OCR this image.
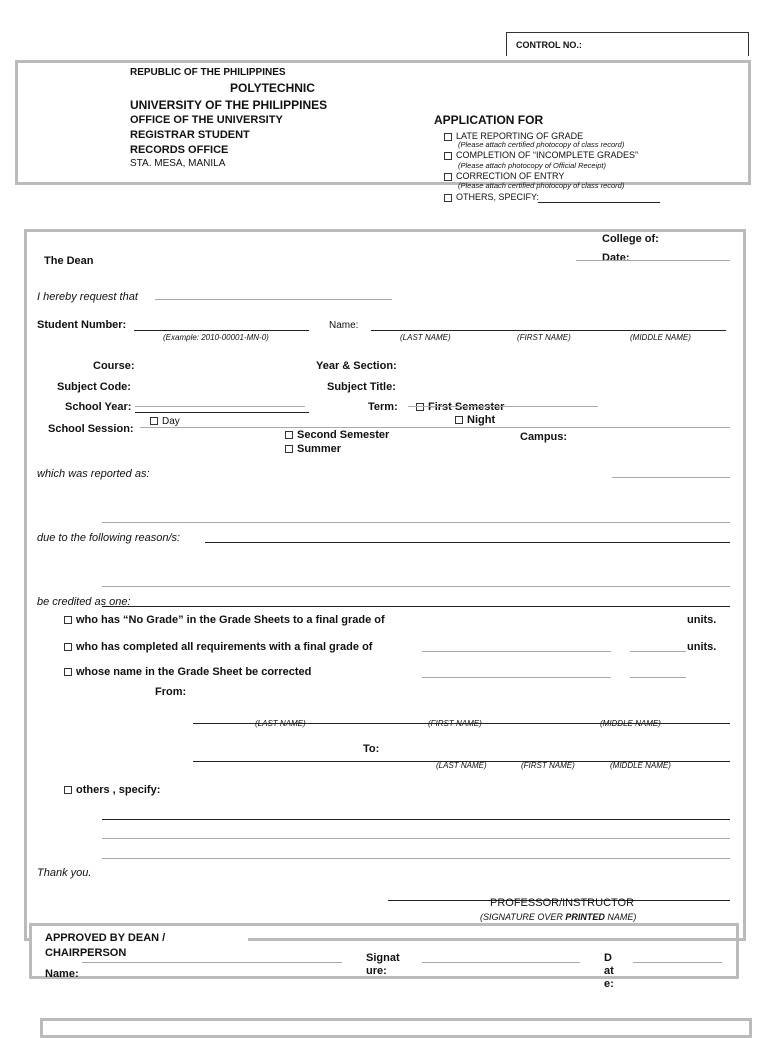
CONTROL NO.:
REPUBLIC OF THE PHILIPPINES
POLYTECHNIC
UNIVERSITY OF THE PHILIPPINES
OFFICE OF THE UNIVERSITY
REGISTRAR STUDENT
RECORDS OFFICE
STA. MESA, MANILA
APPLICATION FOR
LATE REPORTING OF GRADE
(Please attach certified photocopy of class record)
COMPLETION OF “INCOMPLETE GRADES”
(Please attach photocopy of Official Receipt)
CORRECTION OF ENTRY
(Please attach certified photocopy of class record)
OTHERS, SPECIFY:
College of:
Date:
The Dean
I hereby request that
Student Number:
(Example: 2010-00001-MN-0)
Name:
(LAST NAME)	(FIRST NAME)	(MIDDLE NAME)
Course:	Year & Section:
Subject Code:	Subject Title:
School Year:	Term:	First Semester
School Session:
Day	Night
Second Semester	Campus:
Summer
which was reported as:
due to the following reason/s:
be credited as one:
who has “No Grade” in the Grade Sheets to a final grade of	units.
who has completed all requirements with a final grade of	units.
whose name in the Grade Sheet be corrected
From:
(LAST NAME)	(FIRST NAME)	(MIDDLE NAME)
To:
(LAST NAME)	(FIRST NAME)	(MIDDLE NAME)
others , specify:
Thank you.
PROFESSOR/INSTRUCTOR
(SIGNATURE OVER PRINTED NAME)
APPROVED BY DEAN /
CHAIRPERSON
Name:
Signat
ure:
D
at
e:
